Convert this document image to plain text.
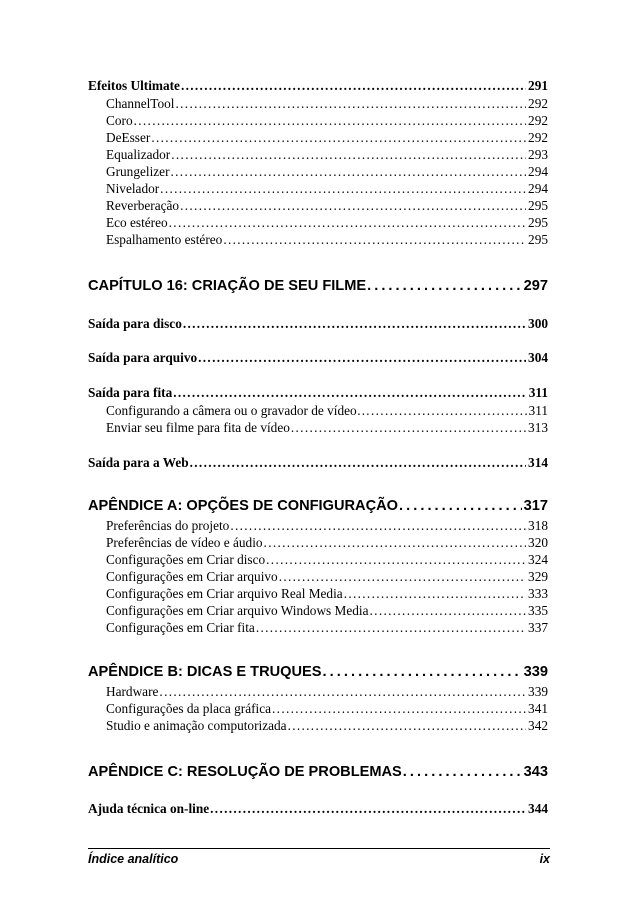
Efeitos Ultimate . . .	291
ChannelTool . . .	292
Coro . . .	292
DeEsser . . .	292
Equalizador . . .	293
Grungelizer . . .	294
Nivelador . . .	294
Reverberação . . .	295
Eco estéreo . . .	295
Espalhamento estéreo . . .	295
CAPÍTULO 16: CRIAÇÃO DE SEU FILME . . .	297
Saída para disco . . .	300
Saída para arquivo . . .	304
Saída para fita . . .	311
Configurando a câmera ou o gravador de vídeo… . . .	311
Enviar seu filme para fita de vídeo . . .	313
Saída para a Web . . .	314
APÊNDICE A: OPÇÕES DE CONFIGURAÇÃO . . .	317
Preferências do projeto . . .	318
Preferências de vídeo e áudio . . .	320
Configurações em Criar disco . . .	324
Configurações em Criar arquivo . . .	329
Configurações em Criar arquivo Real Media . . .	333
Configurações em Criar arquivo Windows Media . . .	335
Configurações em Criar fita . . .	337
APÊNDICE B: DICAS E TRUQUES . . .	339
Hardware . . .	339
Configurações da placa gráfica . . .	341
Studio e animação computorizada . . .	342
APÊNDICE C: RESOLUÇÃO DE PROBLEMAS . . .	343
Ajuda técnica on-line . . .	344
Índice analítico	ix
